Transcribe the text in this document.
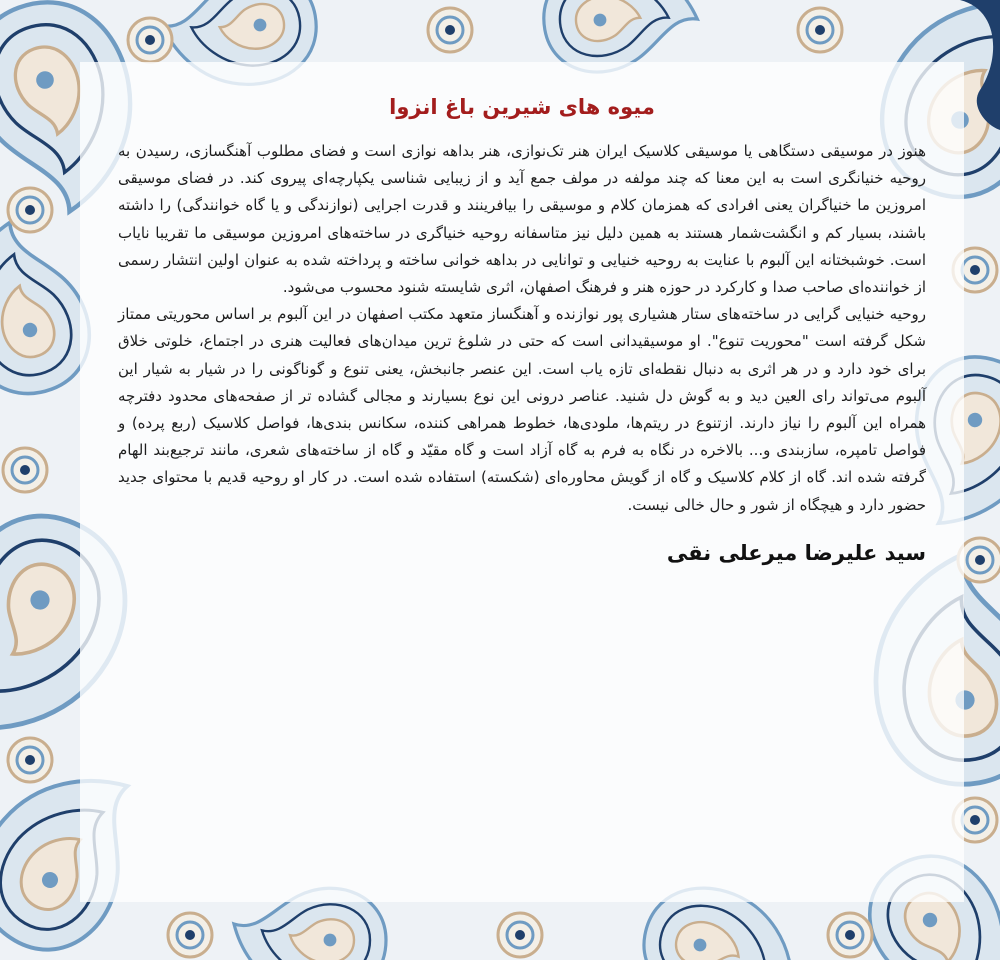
میوه های شیرین باغ انزوا

هنوز در موسیقی دستگاهی یا موسیقی کلاسیک ایران هنر تک‌نوازی، هنر بداهه نوازی است و فضای مطلوب آهنگسازی، رسیدن به روحیه خنیانگری است به این معنا که چند مولفه در مولف جمع آید و از زیبایی شناسی یکپارچه‌ای پیروی کند. در فضای موسیقی امروزین ما خنیاگران یعنی افرادی که همزمان کلام و موسیقی را بیافرینند و قدرت اجرایی (نوازندگی و یا گاه خوانندگی) را داشته باشند، بسیار کم و انگشت‌شمار هستند به همین دلیل نیز متاسفانه روحیه خنیاگری در ساخته‌های امروزین موسیقی ما تقریبا نایاب است. خوشبختانه این آلبوم با عنایت به روحیه خنیایی و توانایی در بداهه خوانی ساخته و پرداخته شده به عنوان اولین انتشار رسمی از خواننده‌ای صاحب صدا و کارکرد در حوزه هنر و فرهنگ اصفهان، اثری شایسته شنود محسوب می‌شود.

روحیه خنیایی گرایی در ساخته‌های ستار هشیاری پور نوازنده و آهنگساز متعهد مکتب اصفهان در این آلبوم بر اساس محوریتی ممتاز شکل گرفته است "محوریت تنوع". او موسیقیدانی است که حتی در شلوغ ترین میدان‌های فعالیت هنری در اجتماع، خلوتی خلاق برای خود دارد و در هر اثری به دنبال نقطه‌ای تازه یاب است. این عنصر جانبخش، یعنی تنوع و گوناگونی را در شیار به شیار این آلبوم می‌تواند رای العین دید و به گوش دل شنید. عناصر درونی این نوع بسیارند و مجالی گشاده تر از صفحه‌های محدود دفترچه همراه این آلبوم را نیاز دارند. ازتنوع در ریتم‌ها، ملودی‌ها، خطوط همراهی کننده، سکانس بندی‌ها، فواصل کلاسیک (ربع پرده) و فواصل تامپره، سازبندی و... بالاخره در نگاه به فرم به گاه آزاد است و گاه مقیّد و گاه از ساخته‌های شعری، مانند ترجیع‌بند الهام گرفته شده اند. گاه از کلام کلاسیک و گاه از گویش محاوره‌ای (شکسته) استفاده شده است. در کار او روحیه قدیم با محتوای جدید حضور دارد و هیچگاه از شور و حال خالی نیست.

سید علیرضا میرعلی نقی
